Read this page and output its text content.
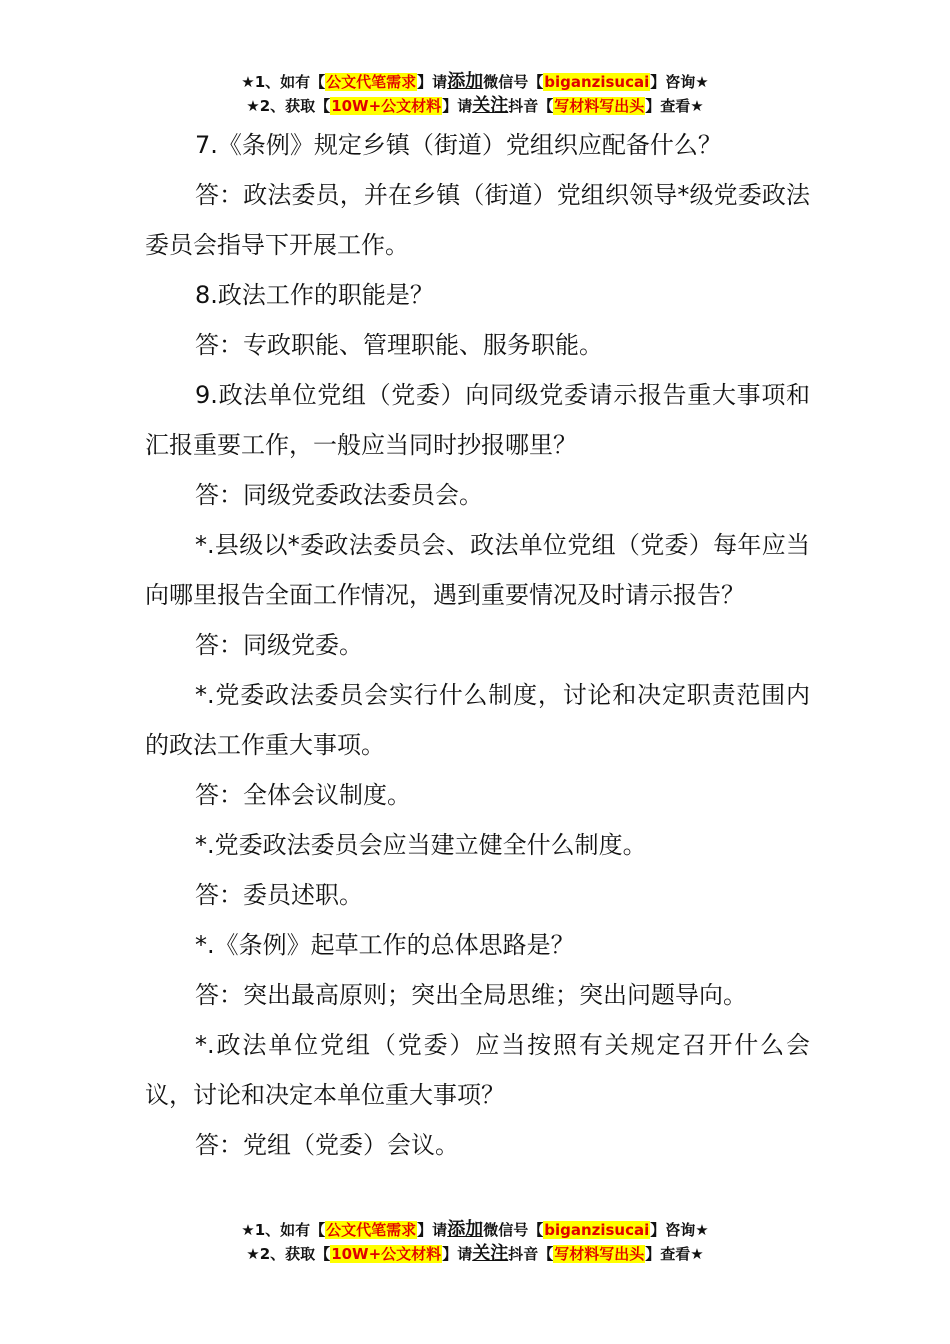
★1、如有【公文代笔需求】请添加微信号【biganzisucai】咨询★
★2、获取【10W+公文材料】请关注抖音【写材料写出头】查看★

7.《条例》规定乡镇（街道）党组织应配备什么？

答：政法委员，并在乡镇（街道）党组织领导*级党委政法委员会指导下开展工作。

8.政法工作的职能是？

答：专政职能、管理职能、服务职能。

9.政法单位党组（党委）向同级党委请示报告重大事项和汇报重要工作，一般应当同时抄报哪里？

答：同级党委政法委员会。

*.县级以*委政法委员会、政法单位党组（党委）每年应当向哪里报告全面工作情况，遇到重要情况及时请示报告？

答：同级党委。

*.党委政法委员会实行什么制度，讨论和决定职责范围内的政法工作重大事项。

答：全体会议制度。

*.党委政法委员会应当建立健全什么制度。

答：委员述职。

*.《条例》起草工作的总体思路是？

答：突出最高原则；突出全局思维；突出问题导向。

*.政法单位党组（党委）应当按照有关规定召开什么会议，讨论和决定本单位重大事项？

答：党组（党委）会议。

★1、如有【公文代笔需求】请添加微信号【biganzisucai】咨询★
★2、获取【10W+公文材料】请关注抖音【写材料写出头】查看★
